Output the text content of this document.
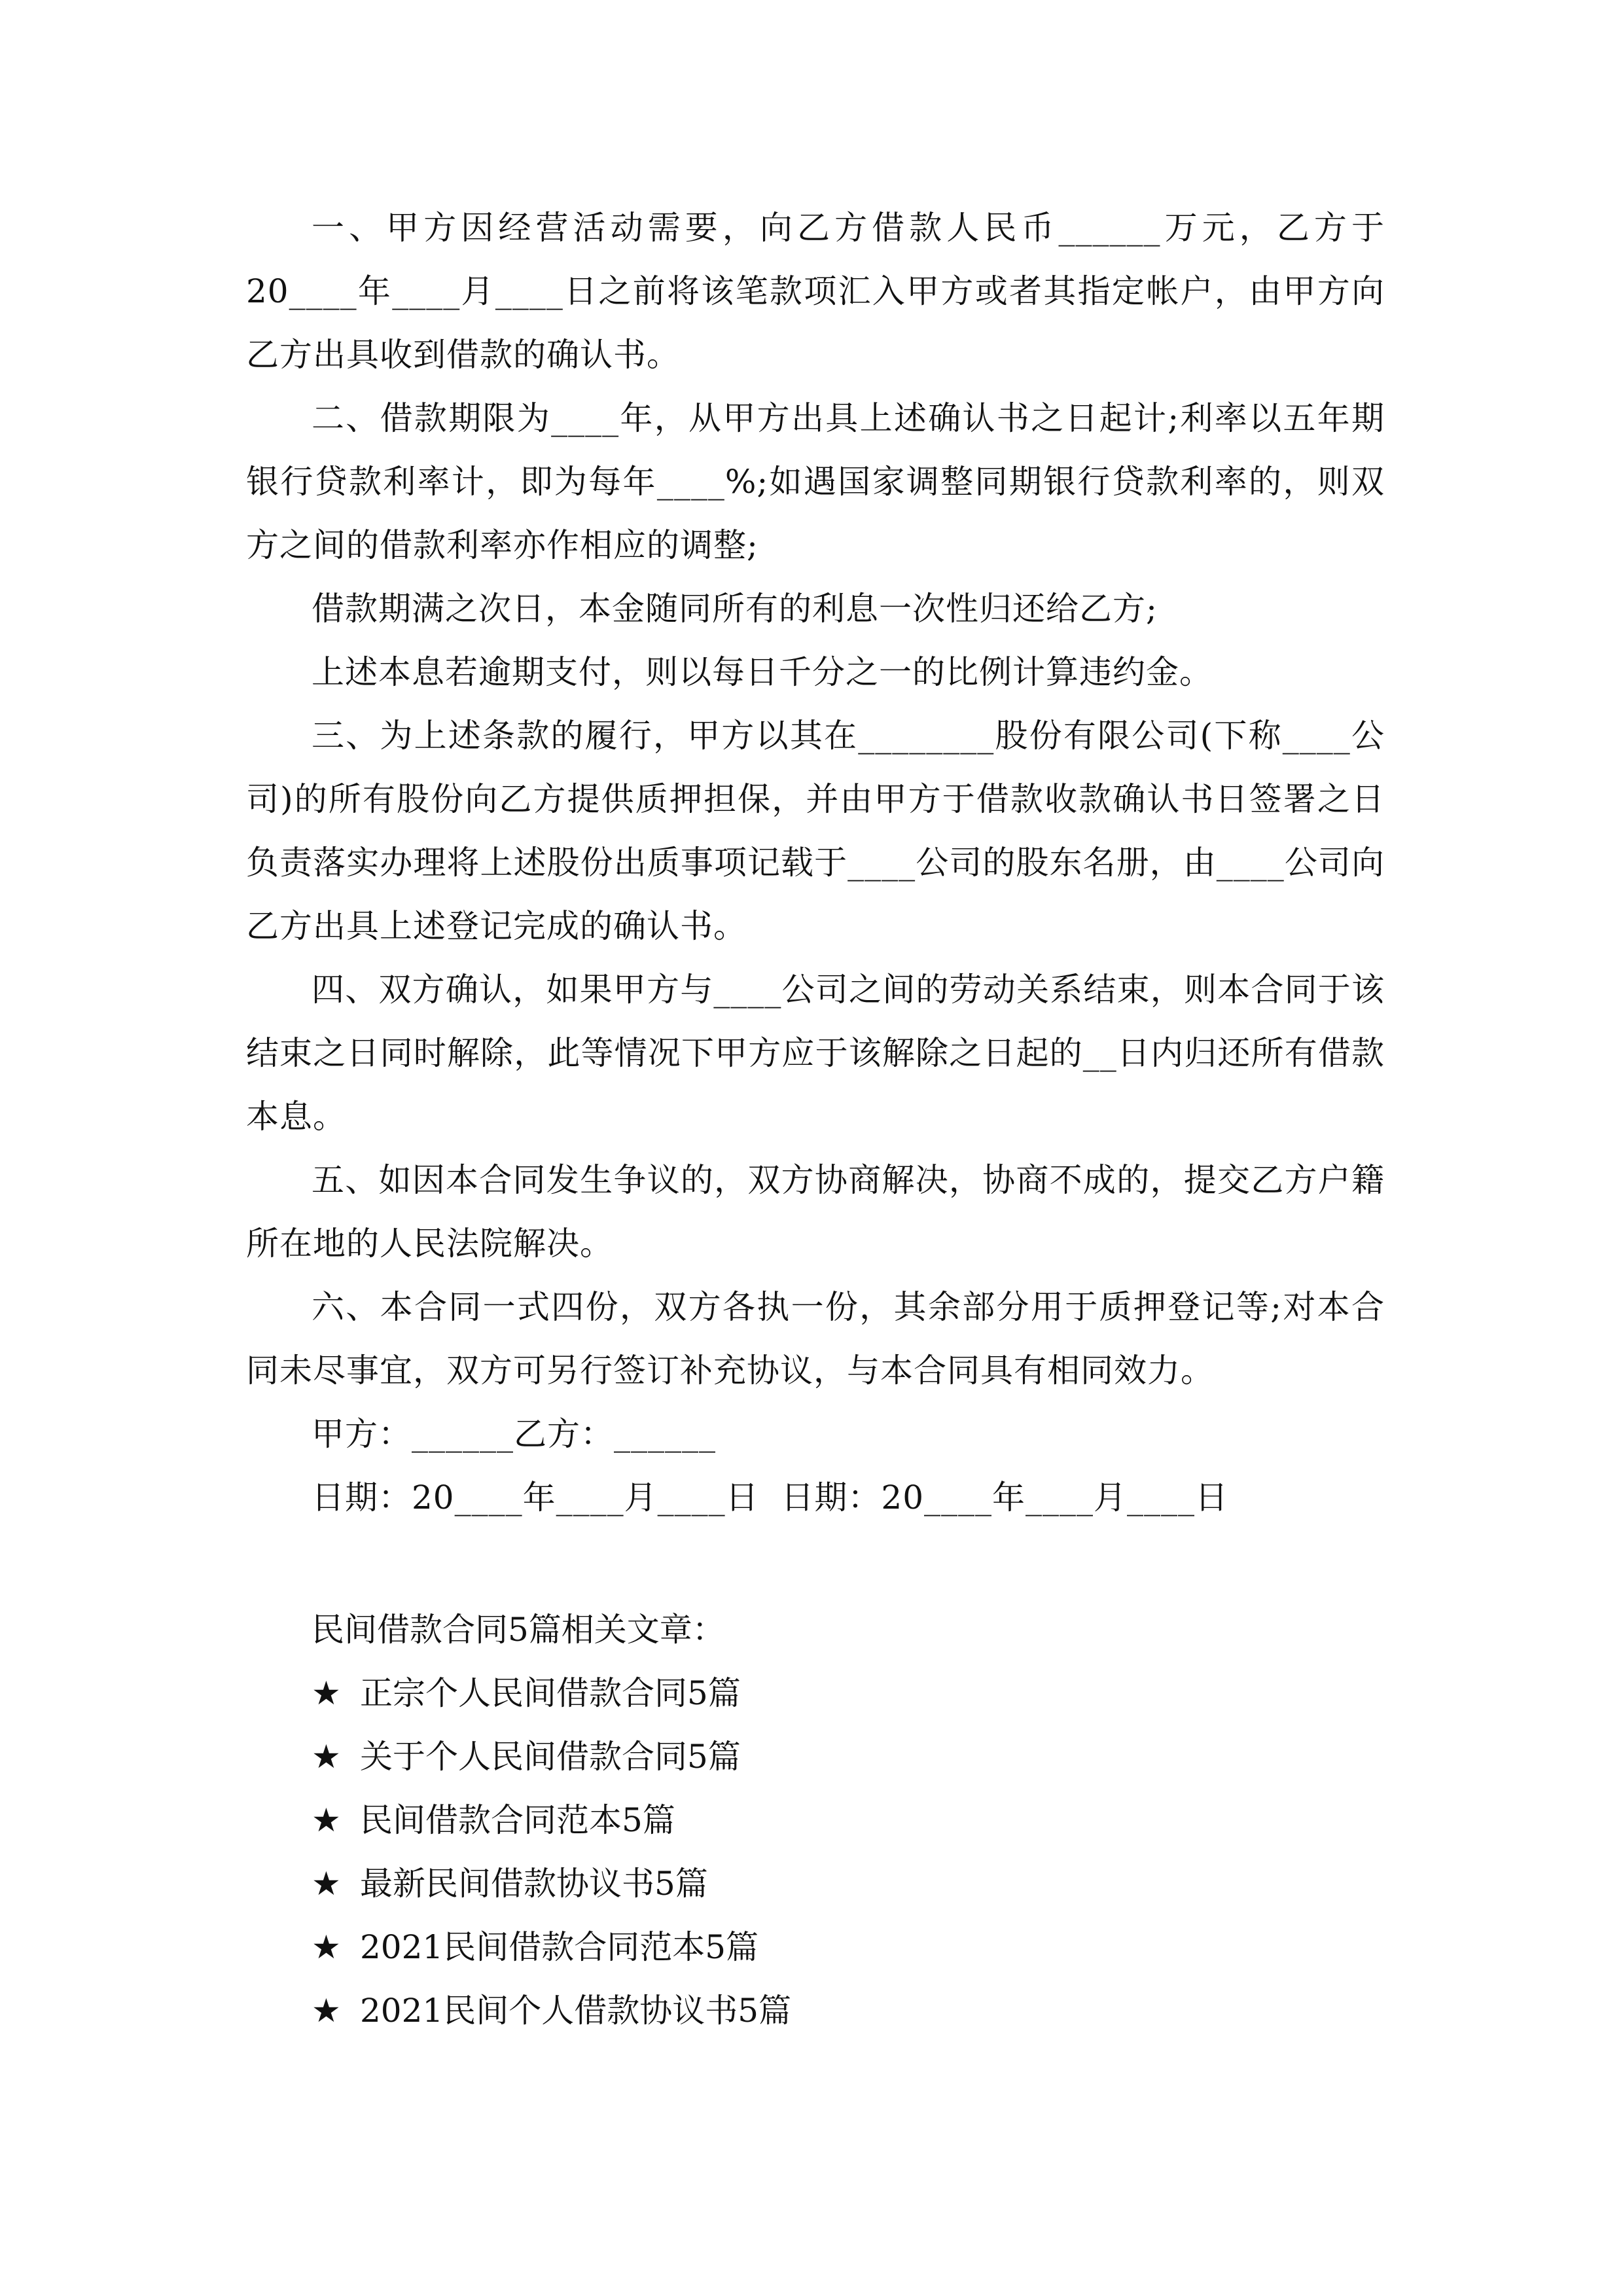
一、甲方因经营活动需要，向乙方借款人民币______万元，乙方于20____年____月____日之前将该笔款项汇入甲方或者其指定帐户，由甲方向乙方出具收到借款的确认书。

二、借款期限为____年，从甲方出具上述确认书之日起计;利率以五年期银行贷款利率计，即为每年____%;如遇国家调整同期银行贷款利率的，则双方之间的借款利率亦作相应的调整;

借款期满之次日，本金随同所有的利息一次性归还给乙方;

上述本息若逾期支付，则以每日千分之一的比例计算违约金。

三、为上述条款的履行，甲方以其在________股份有限公司(下称____公司)的所有股份向乙方提供质押担保，并由甲方于借款收款确认书日签署之日负责落实办理将上述股份出质事项记载于____公司的股东名册，由____公司向乙方出具上述登记完成的确认书。

四、双方确认，如果甲方与____公司之间的劳动关系结束，则本合同于该结束之日同时解除，此等情况下甲方应于该解除之日起的__日内归还所有借款本息。

五、如因本合同发生争议的，双方协商解决，协商不成的，提交乙方户籍所在地的人民法院解决。

六、本合同一式四份，双方各执一份，其余部分用于质押登记等;对本合同未尽事宜，双方可另行签订补充协议，与本合同具有相同效力。

甲方：______乙方：______
日期：20____年____月____日  日期：20____年____月____日
民间借款合同5篇相关文章：
★ 正宗个人民间借款合同5篇
★ 关于个人民间借款合同5篇
★ 民间借款合同范本5篇
★ 最新民间借款协议书5篇
★ 2021民间借款合同范本5篇
★ 2021民间个人借款协议书5篇
